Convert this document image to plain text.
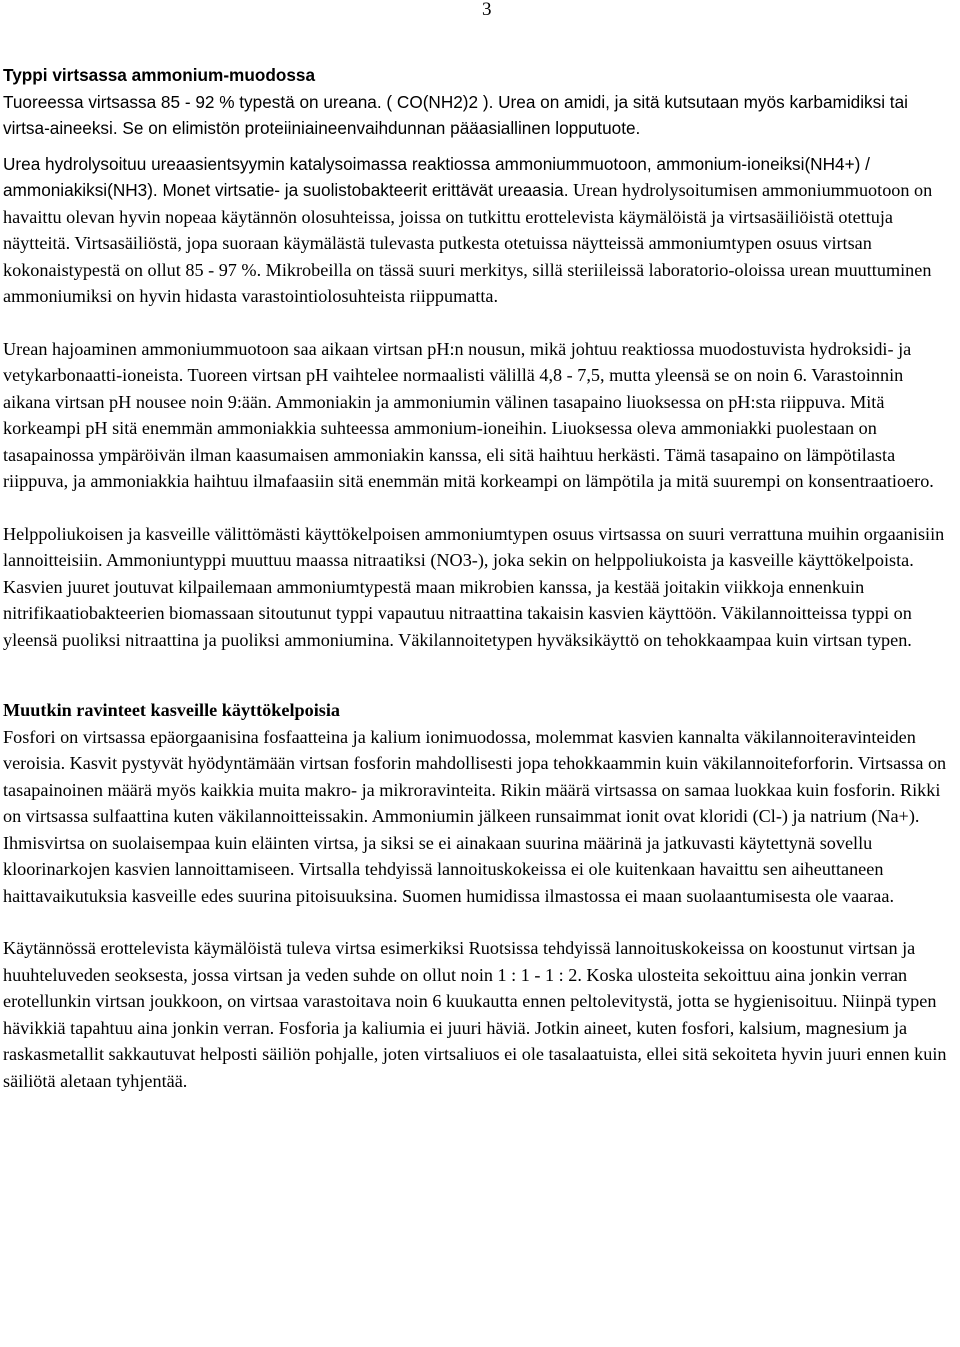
3
Typpi virtsassa ammonium-muodossa

Tuoreessa virtsassa 85 - 92 % typestä on ureana. ( CO(NH2)2 ). Urea on amidi, ja sitä kutsutaan myös karbamidiksi tai virtsa-aineeksi. Se on elimistön proteiiniaineenvaihdunnan pääasiallinen lopputuote.

Urea hydrolysoituu ureaasientsyymin katalysoimassa reaktiossa ammoniummuotoon, ammonium-ioneiksi(NH4+) / ammoniakiksi(NH3). Monet virtsatie- ja suolistobakteerit erittävät ureaasia. Urean hydrolysoitumisen ammoniummuotoon on havaittu olevan hyvin nopeaa käytännön olosuhteissa, joissa on tutkittu erottelevista käymälöistä ja virtsasäiliöistä otettuja näytteitä. Virtsasäiliöstä, jopa suoraan käymälästä tulevasta putkesta otetuissa näytteissä ammoniumtypen osuus virtsan kokonaistypestä on ollut 85 - 97 %. Mikrobeilla on tässä suuri merkitys, sillä steriileissä laboratorio-oloissa urean muuttuminen ammoniumiksi on hyvin hidasta varastointiolosuhteista riippumatta.

Urean hajoaminen ammoniummuotoon saa aikaan virtsan pH:n nousun, mikä johtuu reaktiossa muodostuvista hydroksidi- ja vetykarbonaatti-ioneista. Tuoreen virtsan pH vaihtelee normaalisti välillä 4,8 - 7,5, mutta yleensä se on noin 6. Varastoinnin aikana virtsan pH nousee noin 9:ään. Ammoniakin ja ammoniumin välinen tasapaino liuoksessa on pH:sta riippuva. Mitä korkeampi pH sitä enemmän ammoniakkia suhteessa ammonium-ioneihin. Liuoksessa oleva ammoniakki puolestaan on tasapainossa ympäröivän ilman kaasumaisen ammoniakin kanssa, eli sitä haihtuu herkästi. Tämä tasapaino on lämpötilasta riippuva, ja ammoniakkia haihtuu ilmafaasiin sitä enemmän mitä korkeampi on lämpötila ja mitä suurempi on konsentraatioero.

Helppoliukoisen ja kasveille välittömästi käyttökelpoisen ammoniumtypen osuus virtsassa on suuri verrattuna muihin orgaanisiin lannoitteisiin. Ammoniuntyppi muuttuu maassa nitraatiksi (NO3-), joka sekin on helppoliukoista ja kasveille käyttökelpoista. Kasvien juuret joutuvat kilpailemaan ammoniumtypestä maan mikrobien kanssa, ja kestää joitakin viikkoja ennenkuin nitrifikaatiobakteerien biomassaan sitoutunut typpi vapautuu nitraattina takaisin kasvien käyttöön. Väkilannoitteissa typpi on yleensä puoliksi nitraattina ja puoliksi ammoniumina. Väkilannoitetypen hyväksikäyttö on tehokkaampaa kuin virtsan typen.

Muutkin ravinteet kasveille käyttökelpoisia

Fosfori on virtsassa epäorgaanisina fosfaatteina ja kalium ionimuodossa, molemmat kasvien kannalta väkilannoiteravinteiden veroisia. Kasvit pystyvät hyödyntämään virtsan fosforin mahdollisesti jopa tehokkaammin kuin väkilannoiteforforin. Virtsassa on tasapainoinen määrä myös kaikkia muita makro- ja mikroravinteita. Rikin määrä virtsassa on samaa luokkaa kuin fosforin. Rikki on virtsassa sulfaattina kuten väkilannoitteissakin. Ammoniumin jälkeen runsaimmat ionit ovat kloridi (Cl-) ja natrium (Na+). Ihmisvirtsa on suolaisempaa kuin eläinten virtsa, ja siksi se ei ainakaan suurina määrinä ja jatkuvasti käytettynä sovellu kloorinarkojen kasvien lannoittamiseen. Virtsalla tehdyissä lannoituskokeissa ei ole kuitenkaan havaittu sen aiheuttaneen haittavaikutuksia kasveille edes suurina pitoisuuksina. Suomen humidissa ilmastossa ei maan suolaantumisesta ole vaaraa.

Käytännössä erottelevista käymälöistä tuleva virtsa esimerkiksi Ruotsissa tehdyissä lannoituskokeissa on koostunut virtsan ja huuhteluveden seoksesta, jossa virtsan ja veden suhde on ollut noin 1 : 1 - 1 : 2. Koska ulosteita sekoittuu aina jonkin verran erotellunkin virtsan joukkoon, on virtsaa varastoitava noin 6 kuukautta ennen peltolevitystä, jotta se hygienisoituu. Niinpä typen hävikkiä tapahtuu aina jonkin verran. Fosforia ja kaliumia ei juuri häviä. Jotkin aineet, kuten fosfori, kalsium, magnesium ja raskasmetallit sakkautuvat helposti säiliön pohjalle, joten virtsaliuos ei ole tasalaatuista, ellei sitä sekoiteta hyvin juuri ennen kuin säiliötä aletaan tyhjentää.
